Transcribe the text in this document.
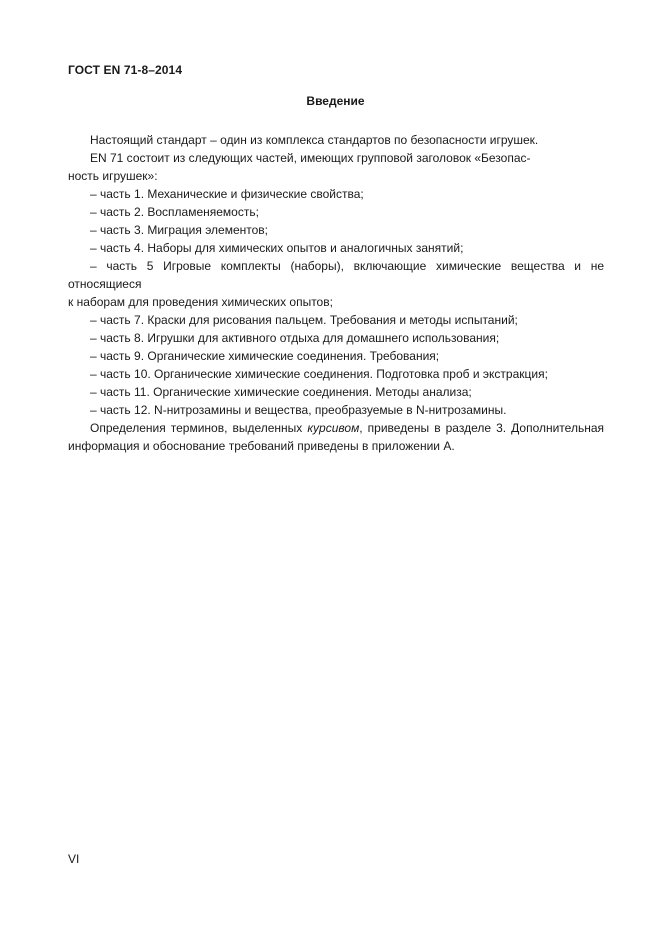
ГОСТ EN 71-8–2014
Введение

Настоящий стандарт – один из комплекса стандартов по безопасности игрушек.

EN 71 состоит из следующих частей, имеющих групповой заголовок «Безопас-

ность игрушек»:

– часть 1. Механические и физические свойства;

– часть 2. Воспламеняемость;

– часть 3. Миграция элементов;

– часть 4. Наборы для химических опытов и аналогичных занятий;

– часть 5 Игровые комплекты (наборы), включающие химические вещества и не

относящиеся

к наборам для проведения химических опытов;

– часть 7. Краски для рисования пальцем. Требования и методы испытаний;

– часть 8. Игрушки для активного отдыха для домашнего использования;

– часть 9. Органические химические соединения. Требования;

– часть 10. Органические химические соединения. Подготовка проб и экстракция;

– часть 11. Органические химические соединения. Методы анализа;

– часть 12. N-нитрозамины и вещества, преобразуемые в N-нитрозамины.

Определения терминов, выделенных курсивом, приведены в разделе 3. Дополнительная информация и обоснование требований приведены в приложении А.

VI
